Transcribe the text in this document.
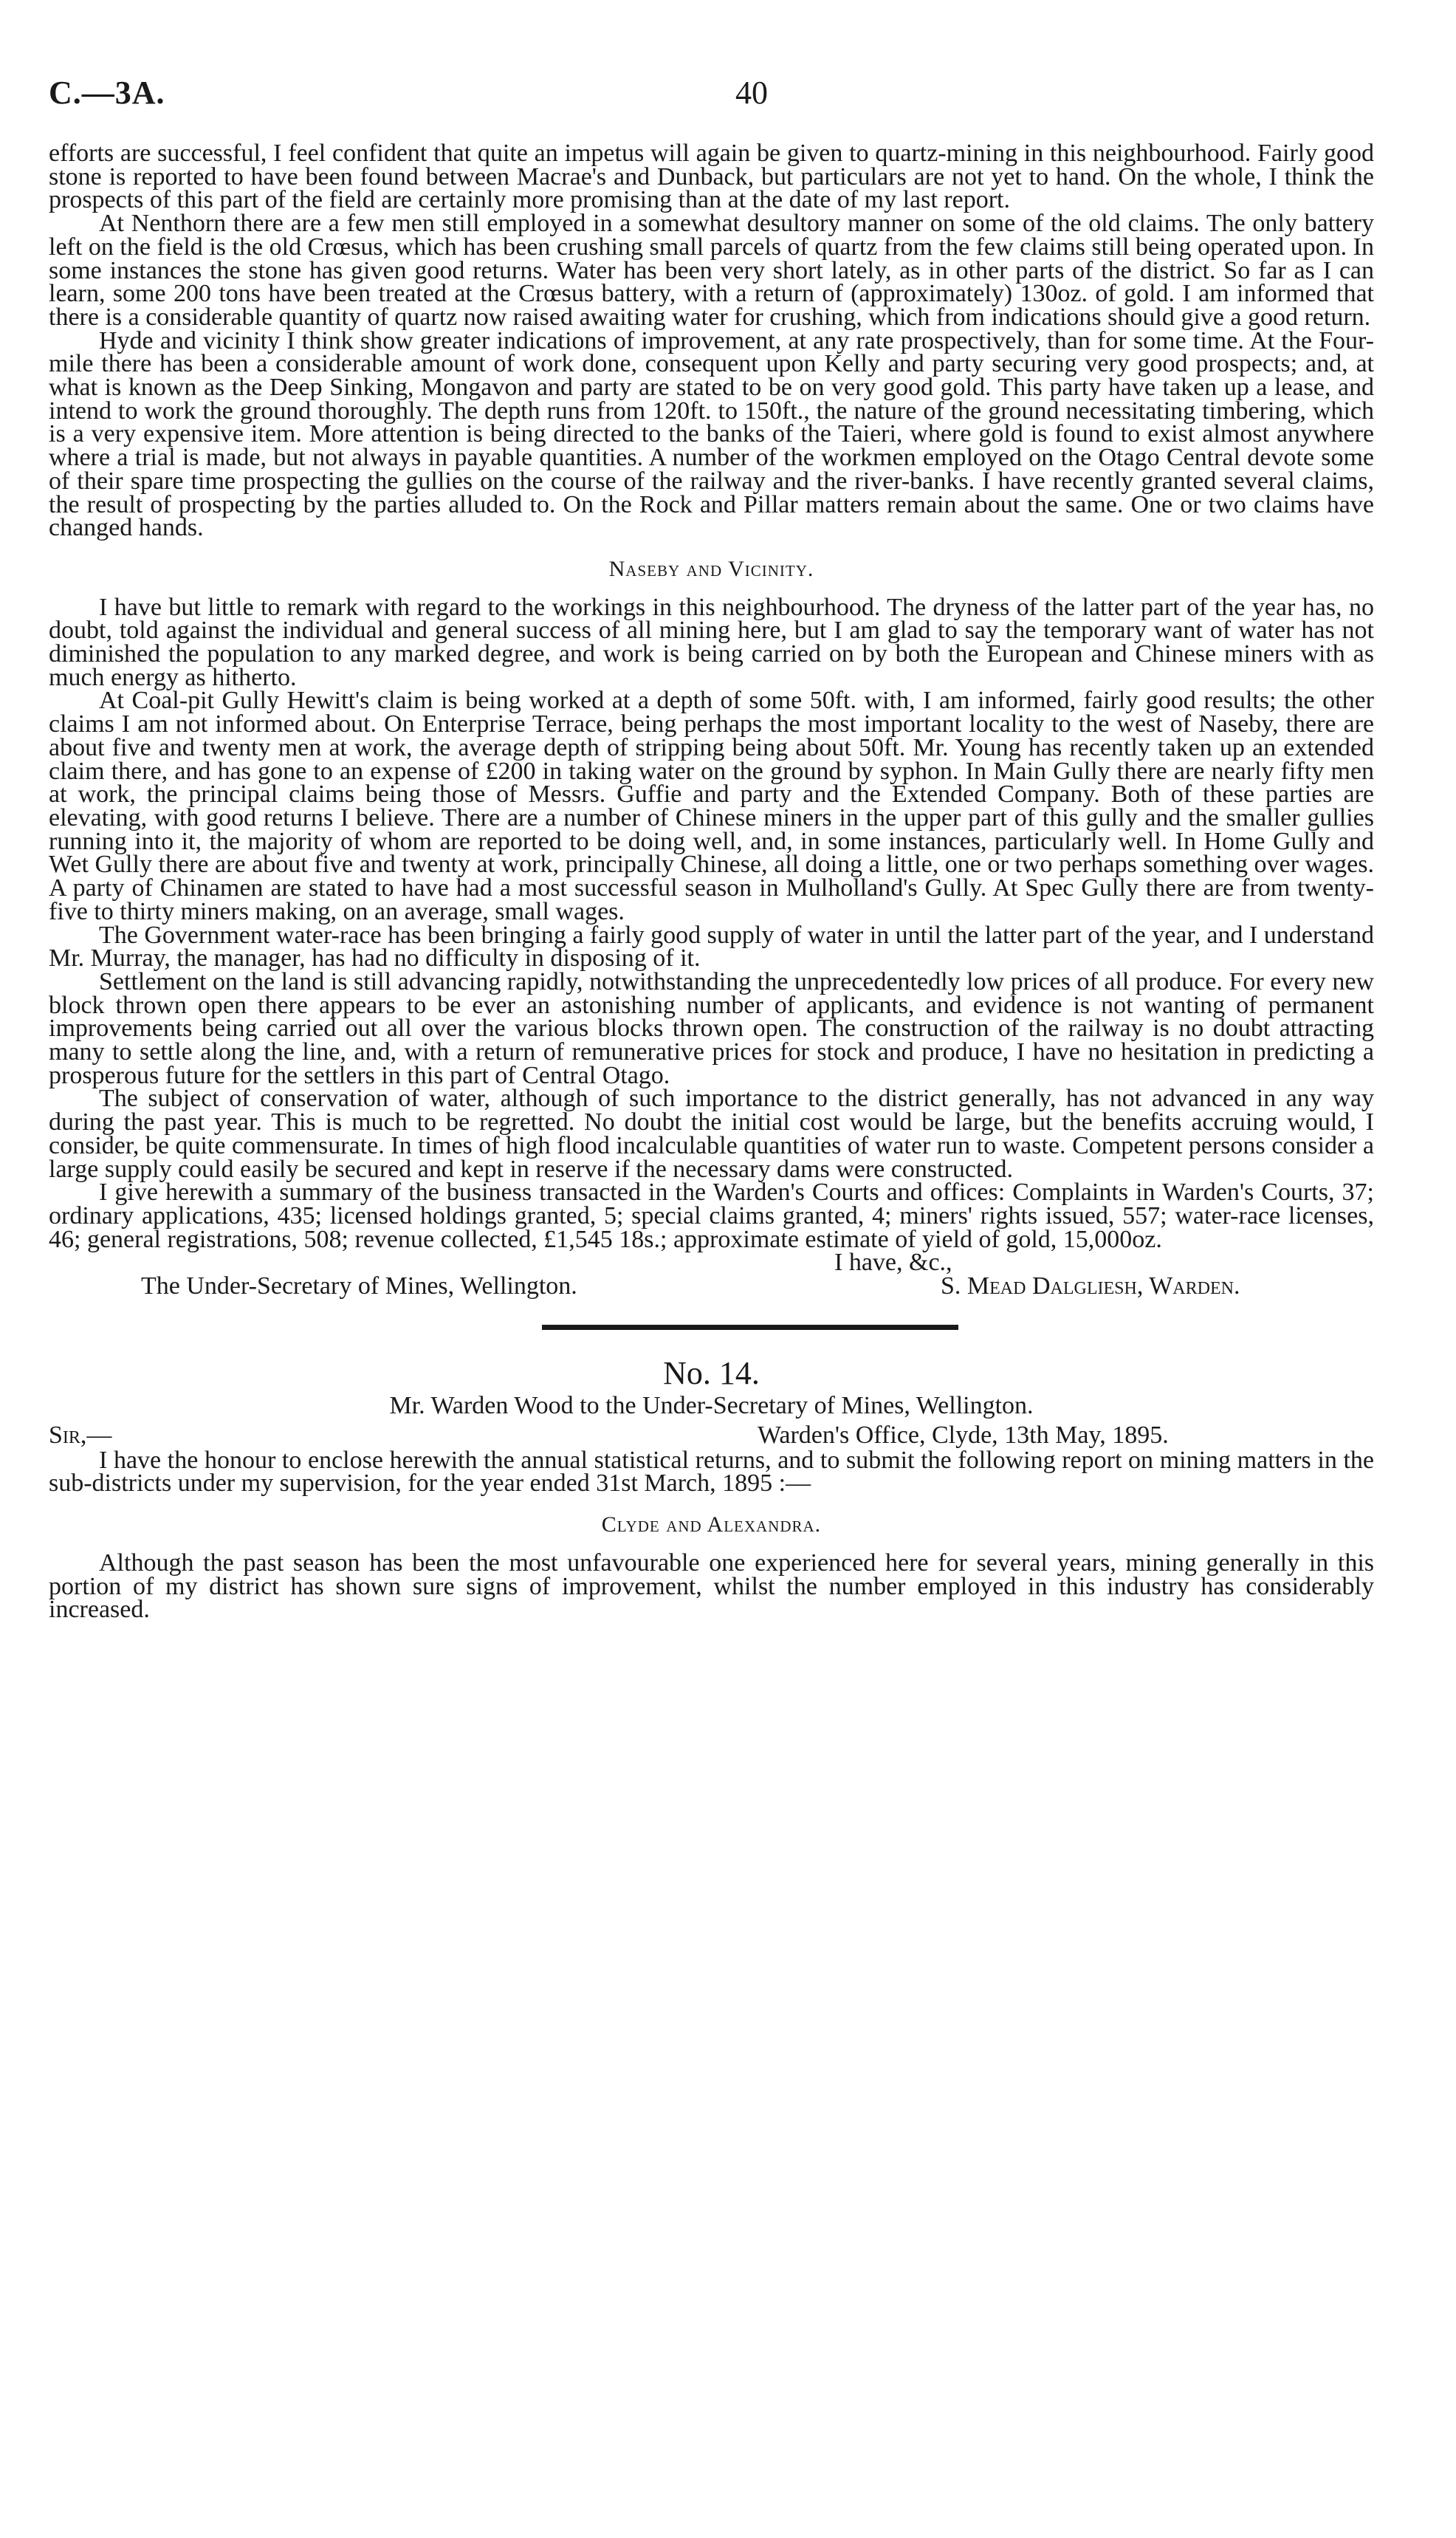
C.—3A.	40

efforts are successful, I feel confident that quite an impetus will again be given to quartz-mining in this neighbourhood. Fairly good stone is reported to have been found between Macrae's and Dunback, but particulars are not yet to hand. On the whole, I think the prospects of this part of the field are certainly more promising than at the date of my last report.

At Nenthorn there are a few men still employed in a somewhat desultory manner on some of the old claims. The only battery left on the field is the old Crœsus, which has been crushing small parcels of quartz from the few claims still being operated upon. In some instances the stone has given good returns. Water has been very short lately, as in other parts of the district. So far as I can learn, some 200 tons have been treated at the Crœsus battery, with a return of (approximately) 130oz. of gold. I am informed that there is a considerable quantity of quartz now raised awaiting water for crushing, which from indications should give a good return.

Hyde and vicinity I think show greater indications of improvement, at any rate prospectively, than for some time. At the Four-mile there has been a considerable amount of work done, consequent upon Kelly and party securing very good prospects; and, at what is known as the Deep Sinking, Mongavon and party are stated to be on very good gold. This party have taken up a lease, and intend to work the ground thoroughly. The depth runs from 120ft. to 150ft., the nature of the ground necessitating timbering, which is a very expensive item. More attention is being directed to the banks of the Taieri, where gold is found to exist almost anywhere where a trial is made, but not always in payable quantities. A number of the workmen employed on the Otago Central devote some of their spare time prospecting the gullies on the course of the railway and the river-banks. I have recently granted several claims, the result of prospecting by the parties alluded to. On the Rock and Pillar matters remain about the same. One or two claims have changed hands.

Naseby and Vicinity.

I have but little to remark with regard to the workings in this neighbourhood. The dryness of the latter part of the year has, no doubt, told against the individual and general success of all mining here, but I am glad to say the temporary want of water has not diminished the population to any marked degree, and work is being carried on by both the European and Chinese miners with as much energy as hitherto.

At Coal-pit Gully Hewitt's claim is being worked at a depth of some 50ft. with, I am informed, fairly good results; the other claims I am not informed about. On Enterprise Terrace, being perhaps the most important locality to the west of Naseby, there are about five and twenty men at work, the average depth of stripping being about 50ft. Mr. Young has recently taken up an extended claim there, and has gone to an expense of £200 in taking water on the ground by syphon. In Main Gully there are nearly fifty men at work, the principal claims being those of Messrs. Guffie and party and the Extended Company. Both of these parties are elevating, with good returns I believe. There are a number of Chinese miners in the upper part of this gully and the smaller gullies running into it, the majority of whom are reported to be doing well, and, in some instances, particularly well. In Home Gully and Wet Gully there are about five and twenty at work, principally Chinese, all doing a little, one or two perhaps something over wages. A party of Chinamen are stated to have had a most successful season in Mulholland's Gully. At Spec Gully there are from twenty-five to thirty miners making, on an average, small wages.

The Government water-race has been bringing a fairly good supply of water in until the latter part of the year, and I understand Mr. Murray, the manager, has had no difficulty in disposing of it.

Settlement on the land is still advancing rapidly, notwithstanding the unprecedentedly low prices of all produce. For every new block thrown open there appears to be ever an astonishing number of applicants, and evidence is not wanting of permanent improvements being carried out all over the various blocks thrown open. The construction of the railway is no doubt attracting many to settle along the line, and, with a return of remunerative prices for stock and produce, I have no hesitation in predicting a prosperous future for the settlers in this part of Central Otago.

The subject of conservation of water, although of such importance to the district generally, has not advanced in any way during the past year. This is much to be regretted. No doubt the initial cost would be large, but the benefits accruing would, I consider, be quite commensurate. In times of high flood incalculable quantities of water run to waste. Competent persons consider a large supply could easily be secured and kept in reserve if the necessary dams were constructed.

I give herewith a summary of the business transacted in the Warden's Courts and offices: Complaints in Warden's Courts, 37; ordinary applications, 435; licensed holdings granted, 5; special claims granted, 4; miners' rights issued, 557; water-race licenses, 46; general registrations, 508; revenue collected, £1,545 18s.; approximate estimate of yield of gold, 15,000oz.

I have, &c.,
The Under-Secretary of Mines, Wellington.	S. Mead Dalgliesh, Warden.
No. 14.
Mr. Warden Wood to the Under-Secretary of Mines, Wellington.
Sir,—	Warden's Office, Clyde, 13th May, 1895.

I have the honour to enclose herewith the annual statistical returns, and to submit the following report on mining matters in the sub-districts under my supervision, for the year ended 31st March, 1895 :—

Clyde and Alexandra.

Although the past season has been the most unfavourable one experienced here for several years, mining generally in this portion of my district has shown sure signs of improvement, whilst the number employed in this industry has considerably increased.
